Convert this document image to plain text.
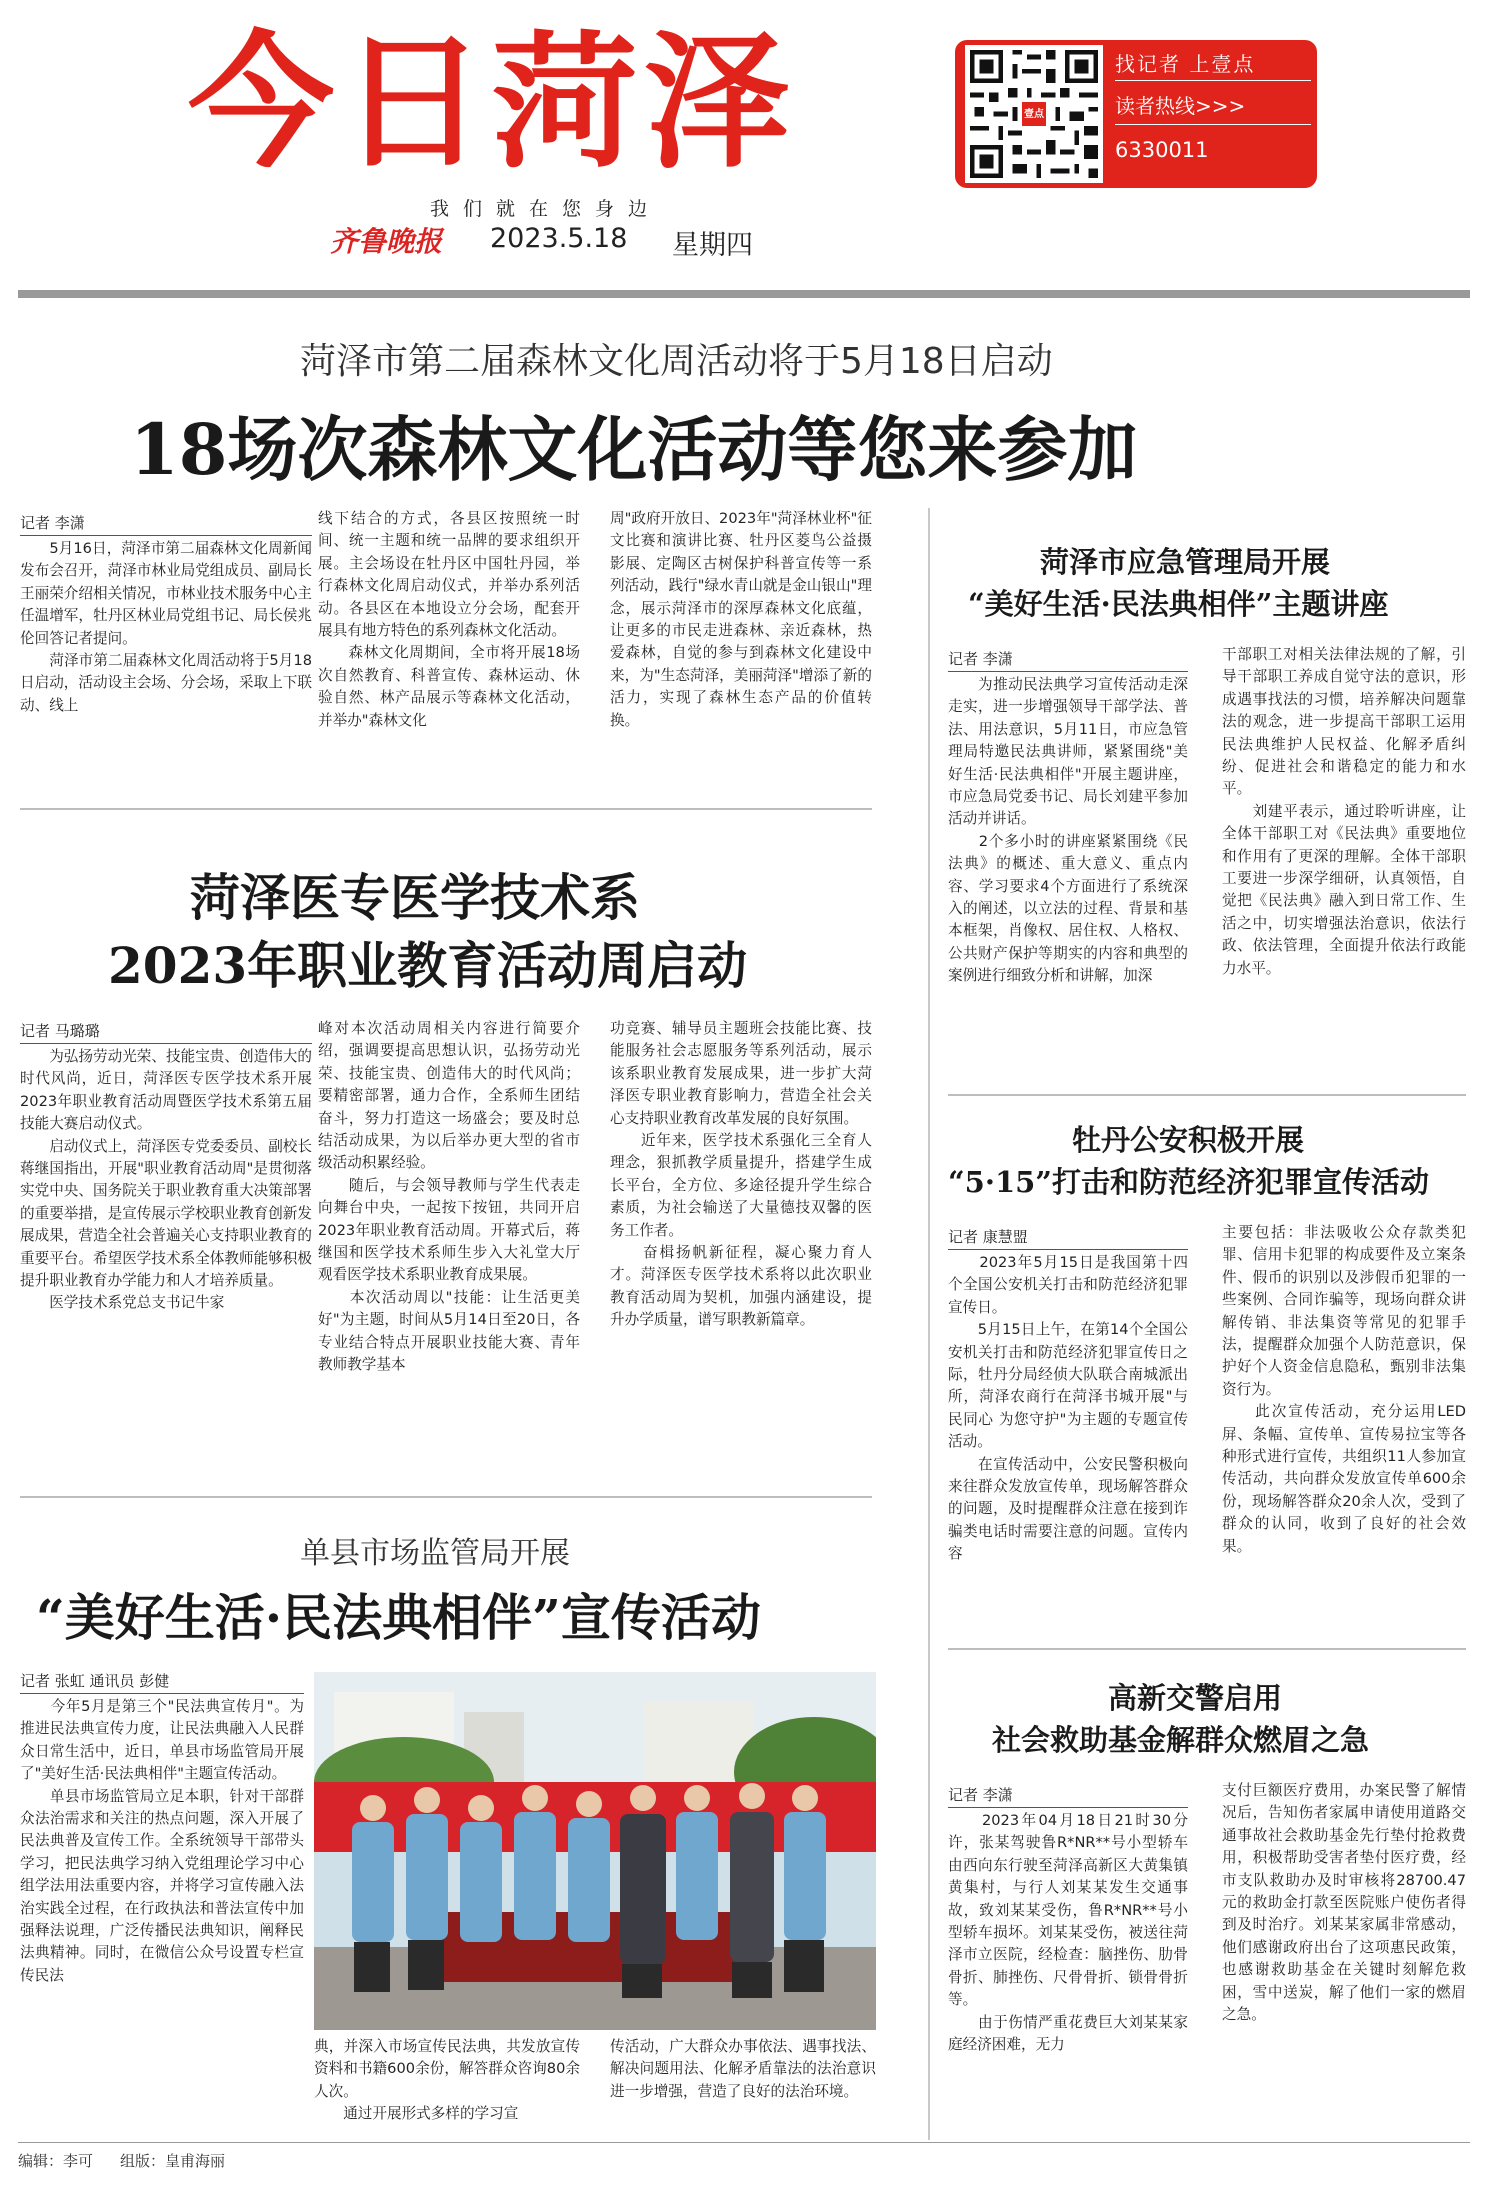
今日菏泽
我们就在您身边
齐鲁晚报 2023.5.18 星期四
壹点
找记者 上壹点
读者热线>>>
6330011
菏泽市第二届森林文化周活动将于5月18日启动
18场次森林文化活动等您来参加
记者 李潇
　　5月16日，菏泽市第二届森林文化周新闻发布会召开，菏泽市林业局党组成员、副局长王丽荣介绍相关情况，市林业技术服务中心主任温增军，牡丹区林业局党组书记、局长侯兆伦回答记者提问。
　　菏泽市第二届森林文化周活动将于5月18日启动，活动设主会场、分会场，采取上下联动、线上
线下结合的方式，各县区按照统一时间、统一主题和统一品牌的要求组织开展。主会场设在牡丹区中国牡丹园，举行森林文化周启动仪式，并举办系列活动。各县区在本地设立分会场，配套开展具有地方特色的系列森林文化活动。
　　森林文化周期间，全市将开展18场次自然教育、科普宣传、森林运动、休验自然、林产品展示等森林文化活动，并举办"森林文化
周"政府开放日、2023年"菏泽林业杯"征文比赛和演讲比赛、牡丹区菱鸟公益摄影展、定陶区古树保护科普宣传等一系列活动，践行"绿水青山就是金山银山"理念，展示菏泽市的深厚森林文化底蕴，让更多的市民走进森林、亲近森林，热爱森林，自觉的参与到森林文化建设中来，为"生态菏泽，美丽菏泽"增添了新的活力，实现了森林生态产品的价值转换。
菏泽医专医学技术系
2023年职业教育活动周启动
记者 马璐璐
　　为弘扬劳动光荣、技能宝贵、创造伟大的时代风尚，近日，菏泽医专医学技术系开展2023年职业教育活动周暨医学技术系第五届技能大赛启动仪式。
　　启动仪式上，菏泽医专党委委员、副校长蒋继国指出，开展"职业教育活动周"是贯彻落实党中央、国务院关于职业教育重大决策部署的重要举措，是宣传展示学校职业教育创新发展成果，营造全社会普遍关心支持职业教育的重要平台。希望医学技术系全体教师能够积极提升职业教育办学能力和人才培养质量。
　　医学技术系党总支书记牛家
峰对本次活动周相关内容进行简要介绍，强调要提高思想认识，弘扬劳动光荣、技能宝贵、创造伟大的时代风尚；要精密部署，通力合作，全系师生团结奋斗，努力打造这一场盛会；要及时总结活动成果，为以后举办更大型的省市级活动积累经验。
　　随后，与会领导教师与学生代表走向舞台中央，一起按下按钮，共同开启2023年职业教育活动周。开幕式后，蒋继国和医学技术系师生步入大礼堂大厅观看医学技术系职业教育成果展。
　　本次活动周以"技能：让生活更美好"为主题，时间从5月14日至20日，各专业结合特点开展职业技能大赛、青年教师教学基本
功竞赛、辅导员主题班会技能比赛、技能服务社会志愿服务等系列活动，展示该系职业教育发展成果，进一步扩大菏泽医专职业教育影响力，营造全社会关心支持职业教育改革发展的良好氛围。
　　近年来，医学技术系强化三全育人理念，狠抓教学质量提升，搭建学生成长平台，全方位、多途径提升学生综合素质，为社会输送了大量德技双馨的医务工作者。
　　奋楫扬帆新征程，凝心聚力育人才。菏泽医专医学技术系将以此次职业教育活动周为契机，加强内涵建设，提升办学质量，谱写职教新篇章。
单县市场监管局开展
“美好生活·民法典相伴”宣传活动
记者 张虹 通讯员 彭健
　　今年5月是第三个"民法典宣传月"。为推进民法典宣传力度，让民法典融入人民群众日常生活中，近日，单县市场监管局开展了"美好生活·民法典相伴"主题宣传活动。
　　单县市场监管局立足本职，针对干部群众法治需求和关注的热点问题，深入开展了民法典普及宣传工作。全系统领导干部带头学习，把民法典学习纳入党组理论学习中心组学法用法重要内容，并将学习宣传融入法治实践全过程，在行政执法和普法宣传中加强释法说理，广泛传播民法典知识，阐释民法典精神。同时，在微信公众号设置专栏宣传民法
典，并深入市场宣传民法典，共发放宣传资料和书籍600余份，解答群众咨询80余人次。
　　通过开展形式多样的学习宣
传活动，广大群众办事依法、遇事找法、解决问题用法、化解矛盾靠法的法治意识进一步增强，营造了良好的法治环境。
菏泽市应急管理局开展
“美好生活·民法典相伴”主题讲座
记者 李潇
　　为推动民法典学习宣传活动走深走实，进一步增强领导干部学法、普法、用法意识，5月11日，市应急管理局特邀民法典讲师，紧紧围绕"美好生活·民法典相伴"开展主题讲座，市应急局党委书记、局长刘建平参加活动并讲话。
　　2个多小时的讲座紧紧围绕《民法典》的概述、重大意义、重点内容、学习要求4个方面进行了系统深入的阐述，以立法的过程、背景和基本框架，肖像权、居住权、人格权、公共财产保护等期实的内容和典型的案例进行细致分析和讲解，加深
干部职工对相关法律法规的了解，引导干部职工养成自觉守法的意识，形成遇事找法的习惯，培养解决问题靠法的观念，进一步提高干部职工运用民法典维护人民权益、化解矛盾纠纷、促进社会和谐稳定的能力和水平。
　　刘建平表示，通过聆听讲座，让全体干部职工对《民法典》重要地位和作用有了更深的理解。全体干部职工要进一步深学细研，认真领悟，自觉把《民法典》融入到日常工作、生活之中，切实增强法治意识，依法行政、依法管理，全面提升依法行政能力水平。
牡丹公安积极开展
“5·15”打击和防范经济犯罪宣传活动
记者 康慧盟
　　2023年5月15日是我国第十四个全国公安机关打击和防范经济犯罪宣传日。
　　5月15日上午，在第14个全国公安机关打击和防范经济犯罪宣传日之际，牡丹分局经侦大队联合南城派出所，菏泽农商行在菏泽书城开展"与民同心 为您守护"为主题的专题宣传活动。
　　在宣传活动中，公安民警积极向来往群众发放宣传单，现场解答群众的问题，及时提醒群众注意在接到诈骗类电话时需要注意的问题。宣传内容
主要包括：非法吸收公众存款类犯罪、信用卡犯罪的构成要件及立案条件、假币的识别以及涉假币犯罪的一些案例、合同诈骗等，现场向群众讲解传销、非法集资等常见的犯罪手法，提醒群众加强个人防范意识，保护好个人资金信息隐私，甄别非法集资行为。
　　此次宣传活动，充分运用LED屏、条幅、宣传单、宣传易拉宝等各种形式进行宣传，共组织11人参加宣传活动，共向群众发放宣传单600余份，现场解答群众20余人次，受到了群众的认同，收到了良好的社会效果。
高新交警启用
社会救助基金解群众燃眉之急
记者 李潇
　　2023年04月18日21时30分许，张某驾驶鲁R*NR**号小型轿车由西向东行驶至菏泽高新区大黄集镇黄集村，与行人刘某某发生交通事故，致刘某某受伤，鲁R*NR**号小型轿车损坏。刘某某受伤，被送往菏泽市立医院，经检查：脑挫伤、肋骨骨折、肺挫伤、尺骨骨折、锁骨骨折等。
　　由于伤情严重花费巨大刘某某家庭经济困难，无力
支付巨额医疗费用，办案民警了解情况后，告知伤者家属申请使用道路交通事故社会救助基金先行垫付抢救费用，积极帮助受害者垫付医疗费，经市支队救助办及时审核将28700.47元的救助金打款至医院账户使伤者得到及时治疗。刘某某家属非常感动，他们感谢政府出台了这项惠民政策，也感谢救助基金在关键时刻解危救困，雪中送炭，解了他们一家的燃眉之急。
编辑：李可 组版：皇甫海丽
